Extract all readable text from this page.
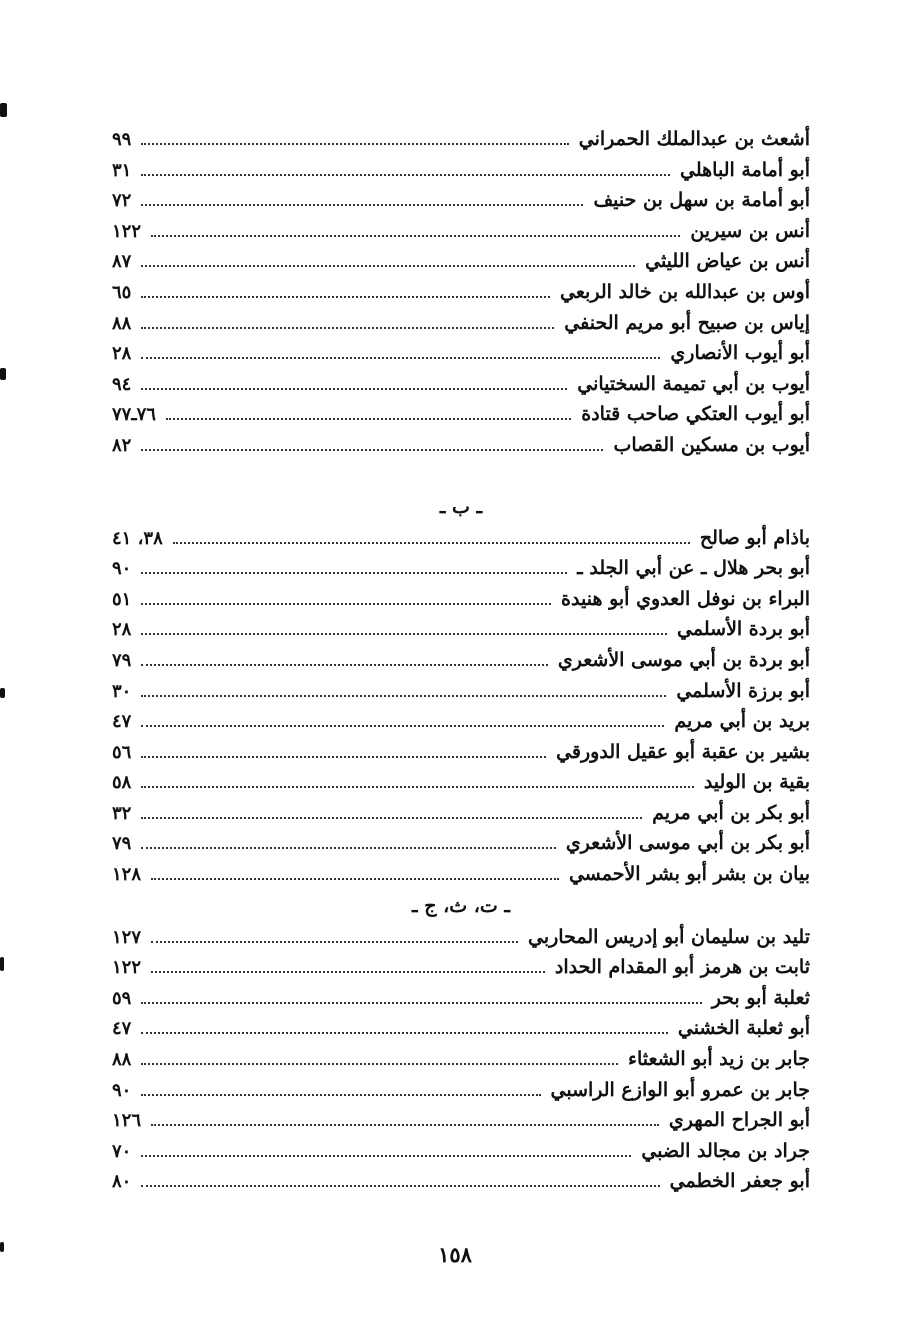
أشعث بن عبدالملك الحمراني
٩٩
أبو أمامة الباهلي
٣١
أبو أمامة بن سهل بن حنيف
٧٢
أنس بن سيرين
١٢٢
أنس بن عياض الليثي
٨٧
أوس بن عبدالله بن خالد الربعي
٦٥
إياس بن صبيح أبو مريم الحنفي
٨٨
أبو أيوب الأنصاري
٢٨
أيوب بن أبي تميمة السختياني
٩٤
أبو أيوب العتكي صاحب قتادة
٧٦ـ٧٧
أيوب بن مسكين القصاب
٨٢
ـ ب ـ
باذام أبو صالح
٣٨، ٤١
أبو بحر هلال ـ عن أبي الجلد ـ
٩٠
البراء بن نوفل العدوي أبو هنيدة
٥١
أبو بردة الأسلمي
٢٨
أبو بردة بن أبي موسى الأشعري
٧٩
أبو برزة الأسلمي
٣٠
بريد بن أبي مريم
٤٧
بشير بن عقبة أبو عقيل الدورقي
٥٦
بقية بن الوليد
٥٨
أبو بكر بن أبي مريم
٣٢
أبو بكر بن أبي موسى الأشعري
٧٩
بيان بن بشر أبو بشر الأحمسي
١٢٨
ـ ت، ث، ج ـ
تليد بن سليمان أبو إدريس المحاربي
١٢٧
ثابت بن هرمز أبو المقدام الحداد
١٢٢
ثعلبة أبو بحر
٥٩
أبو ثعلبة الخشني
٤٧
جابر بن زيد أبو الشعثاء
٨٨
جابر بن عمرو أبو الوازع الراسبي
٩٠
أبو الجراح المهري
١٢٦
جراد بن مجالد الضبي
٧٠
أبو جعفر الخطمي
٨٠
١٥٨
